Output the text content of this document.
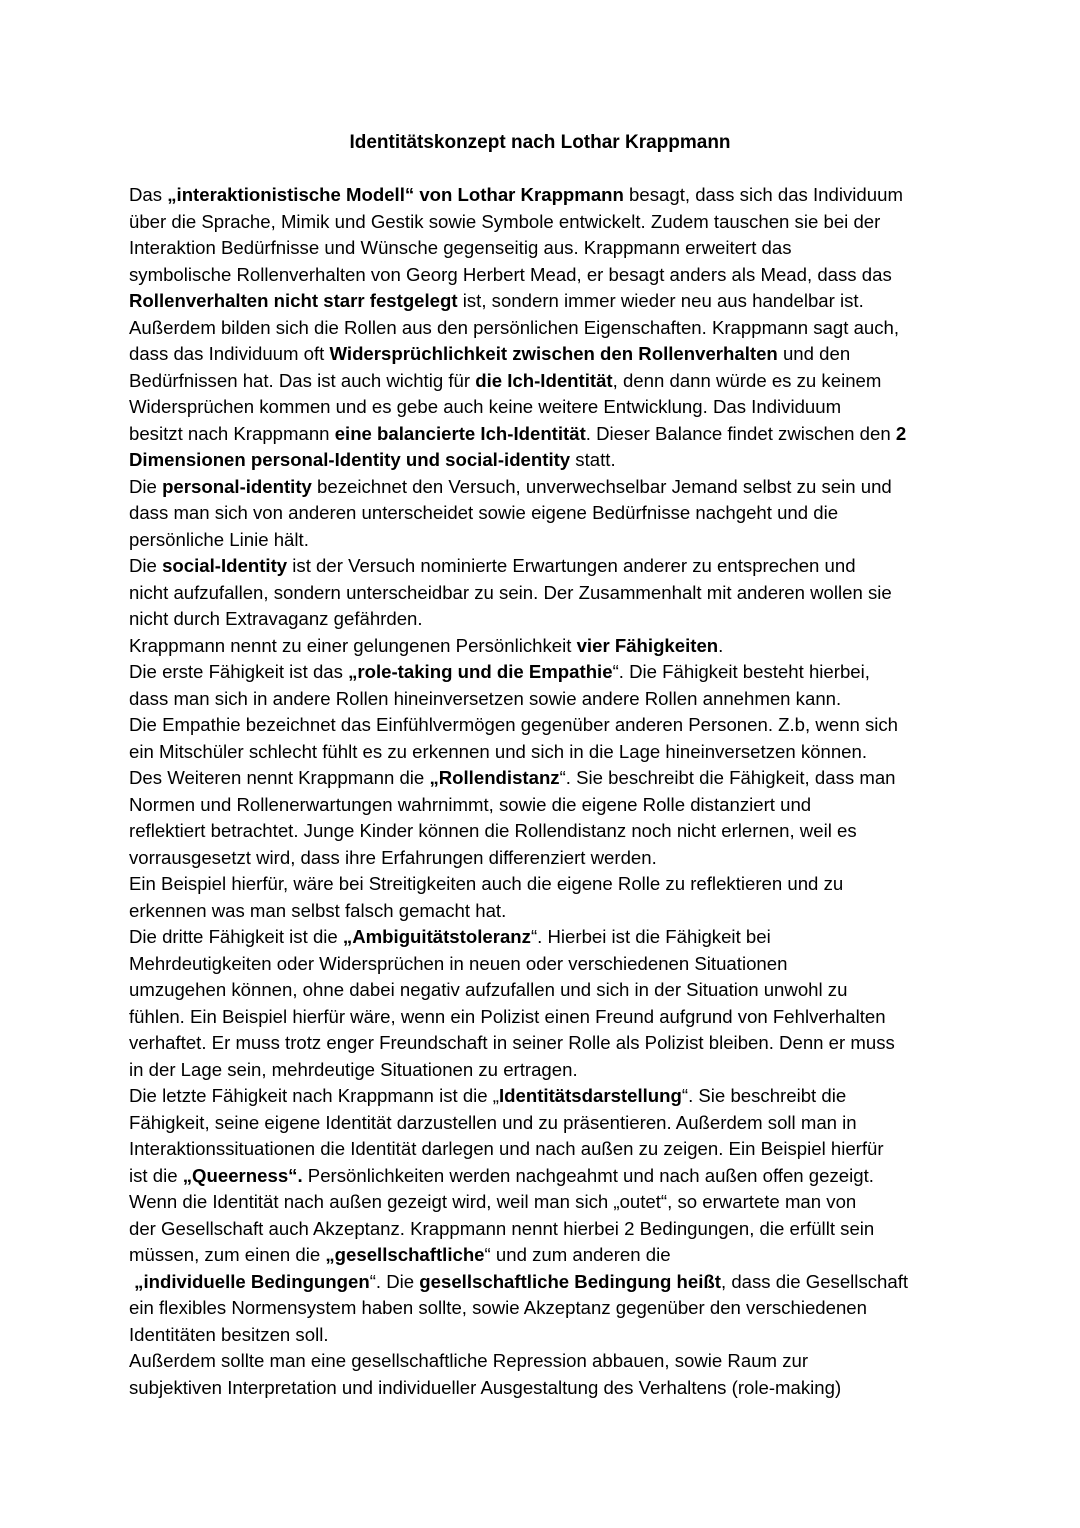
Identitätskonzept nach Lothar Krappmann
Das „interaktionistische Modell“ von Lothar Krappmann besagt, dass sich das Individuum
über die Sprache, Mimik und Gestik sowie Symbole entwickelt. Zudem tauschen sie bei der
Interaktion Bedürfnisse und Wünsche gegenseitig aus. Krappmann erweitert das
symbolische Rollenverhalten von Georg Herbert Mead, er besagt anders als Mead, dass das
Rollenverhalten nicht starr festgelegt ist, sondern immer wieder neu aus handelbar ist.
Außerdem bilden sich die Rollen aus den persönlichen Eigenschaften. Krappmann sagt auch,
dass das Individuum oft Widersprüchlichkeit zwischen den Rollenverhalten und den
Bedürfnissen hat. Das ist auch wichtig für die Ich-Identität, denn dann würde es zu keinem
Widersprüchen kommen und es gebe auch keine weitere Entwicklung. Das Individuum
besitzt nach Krappmann eine balancierte Ich-Identität. Dieser Balance findet zwischen den 2
Dimensionen personal-Identity und social-identity statt.
Die personal-identity bezeichnet den Versuch, unverwechselbar Jemand selbst zu sein und
dass man sich von anderen unterscheidet sowie eigene Bedürfnisse nachgeht und die
persönliche Linie hält.
Die social-Identity ist der Versuch nominierte Erwartungen anderer zu entsprechen und
nicht aufzufallen, sondern unterscheidbar zu sein. Der Zusammenhalt mit anderen wollen sie
nicht durch Extravaganz gefährden.
Krappmann nennt zu einer gelungenen Persönlichkeit vier Fähigkeiten.
Die erste Fähigkeit ist das „role-taking und die Empathie“. Die Fähigkeit besteht hierbei,
dass man sich in andere Rollen hineinversetzen sowie andere Rollen annehmen kann.
Die Empathie bezeichnet das Einfühlvermögen gegenüber anderen Personen. Z.b, wenn sich
ein Mitschüler schlecht fühlt es zu erkennen und sich in die Lage hineinversetzen können.
Des Weiteren nennt Krappmann die „Rollendistanz“. Sie beschreibt die Fähigkeit, dass man
Normen und Rollenerwartungen wahrnimmt, sowie die eigene Rolle distanziert und
reflektiert betrachtet. Junge Kinder können die Rollendistanz noch nicht erlernen, weil es
vorrausgesetzt wird, dass ihre Erfahrungen differenziert werden.
Ein Beispiel hierfür, wäre bei Streitigkeiten auch die eigene Rolle zu reflektieren und zu
erkennen was man selbst falsch gemacht hat.
Die dritte Fähigkeit ist die „Ambiguitätstoleranz“. Hierbei ist die Fähigkeit bei
Mehrdeutigkeiten oder Widersprüchen in neuen oder verschiedenen Situationen
umzugehen können, ohne dabei negativ aufzufallen und sich in der Situation unwohl zu
fühlen. Ein Beispiel hierfür wäre, wenn ein Polizist einen Freund aufgrund von Fehlverhalten
verhaftet. Er muss trotz enger Freundschaft in seiner Rolle als Polizist bleiben. Denn er muss
in der Lage sein, mehrdeutige Situationen zu ertragen.
Die letzte Fähigkeit nach Krappmann ist die „Identitätsdarstellung“. Sie beschreibt die
Fähigkeit, seine eigene Identität darzustellen und zu präsentieren. Außerdem soll man in
Interaktionssituationen die Identität darlegen und nach außen zu zeigen. Ein Beispiel hierfür
ist die „Queerness“. Persönlichkeiten werden nachgeahmt und nach außen offen gezeigt.
Wenn die Identität nach außen gezeigt wird, weil man sich „outet“, so erwartete man von
der Gesellschaft auch Akzeptanz. Krappmann nennt hierbei 2 Bedingungen, die erfüllt sein
müssen, zum einen die „gesellschaftliche“ und zum anderen die
„individuelle Bedingungen“. Die gesellschaftliche Bedingung heißt, dass die Gesellschaft
ein flexibles Normensystem haben sollte, sowie Akzeptanz gegenüber den verschiedenen
Identitäten besitzen soll.
Außerdem sollte man eine gesellschaftliche Repression abbauen, sowie Raum zur
subjektiven Interpretation und individueller Ausgestaltung des Verhaltens (role-making)
